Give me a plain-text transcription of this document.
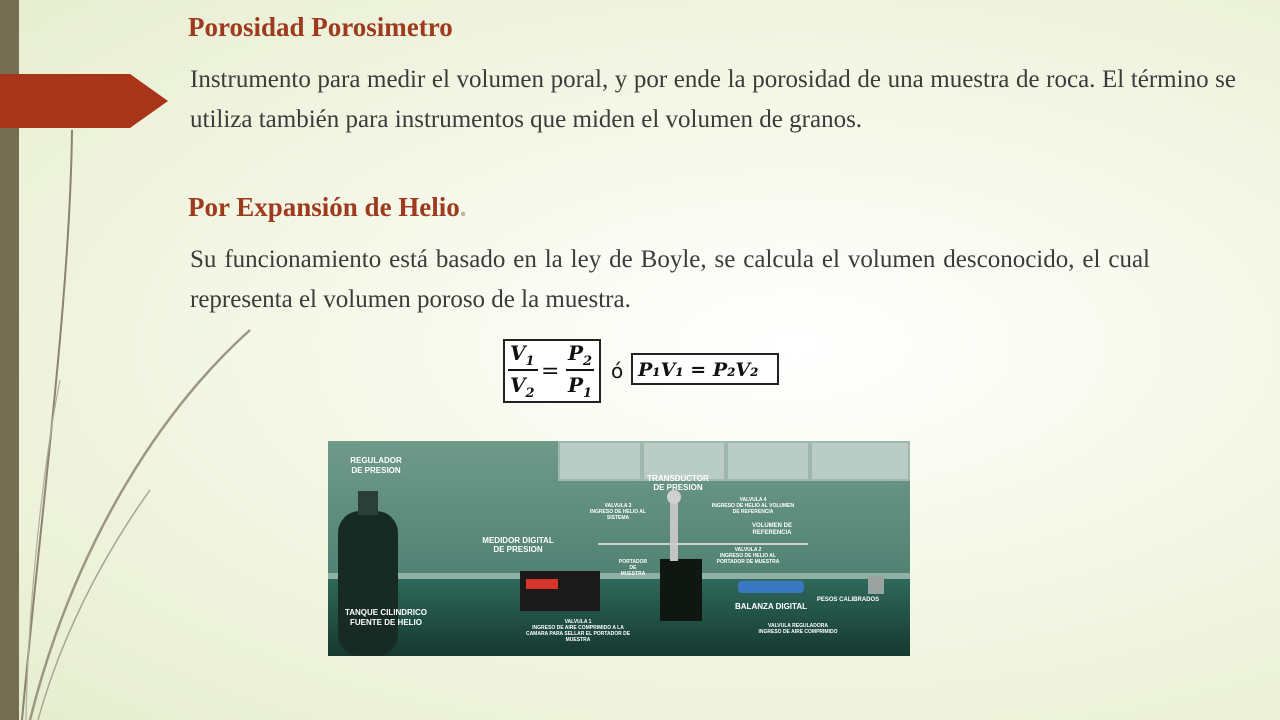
Porosidad Porosimetro

Instrumento para medir el volumen poral, y por ende la porosidad de una muestra de roca. El término se utiliza también para instrumentos que miden el volumen de granos.

Por Expansión de Helio.

Su funcionamiento está basado en la ley de Boyle, se calcula el volumen desconocido, el cual representa el volumen poroso de la muestra.

$V_1$
$V_2$
=
$P_2$
$P_1$
ó P₁V₁ = P₂V₂
REGULADOR
DE PRESION
TRANSDUCTOR
DE PRESION
VALVULA 3
INGRESO DE HELIO AL
SISTEMA
VALVULA 4
INGRESO DE HELIO AL VOLUMEN
DE REFERENCIA
VOLUMEN DE
REFERENCIA
MEDIDOR DIGITAL
DE PRESION	VALVULA 2
INGRESO DE HELIO AL
PORTADOR DE MUESTRA
PORTADOR
DE
MUESTRA
PESOS CALIBRADOS
BALANZA DIGITAL
TANQUE CILINDRICO
FUENTE DE HELIO	VALVULA 1
INGRESO DE AIRE COMPRIMIDO A LA
CAMARA PARA SELLAR EL PORTADOR DE
MUESTRA
VALVULA REGULADORA
INGRESO DE AIRE COMPRIMIDO
